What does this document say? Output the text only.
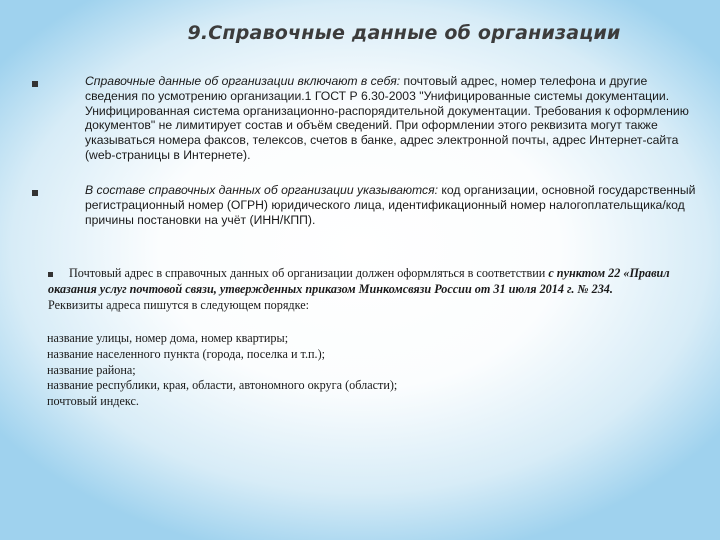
9.Справочные данные об организации
Справочные данные об организации включают в себя: почтовый адрес, номер телефона и другие сведения по усмотрению организации.1 ГОСТ Р 6.30-2003 "Унифицированные системы документации. Унифицированная система организационно-распорядительной документации. Требования к оформлению документов" не лимитирует состав и объём сведений. При оформлении этого реквизита могут также указываться номера факсов, телексов, счетов в банке, адрес электронной почты, адрес Интернет-сайта (web-страницы в Интернете).
В составе справочных данных об организации указываются: код организации, основной государственный регистрационный номер (ОГРН) юридического лица, идентификационный номер налогоплательщика/код причины постановки на учёт (ИНН/КПП).
Почтовый адрес в справочных данных об организации должен оформляться в соответствии с пунктом 22 «Правил оказания услуг почтовой связи, утвержденных приказом Минкомсвязи России от 31 июля 2014 г. № 234.
Реквизиты адреса пишутся в следующем порядке:
название улицы, номер дома, номер квартиры;
название населенного пункта (города, поселка и т.п.);
название района;
название республики, края, области, автономного округа (области);
почтовый индекс.
